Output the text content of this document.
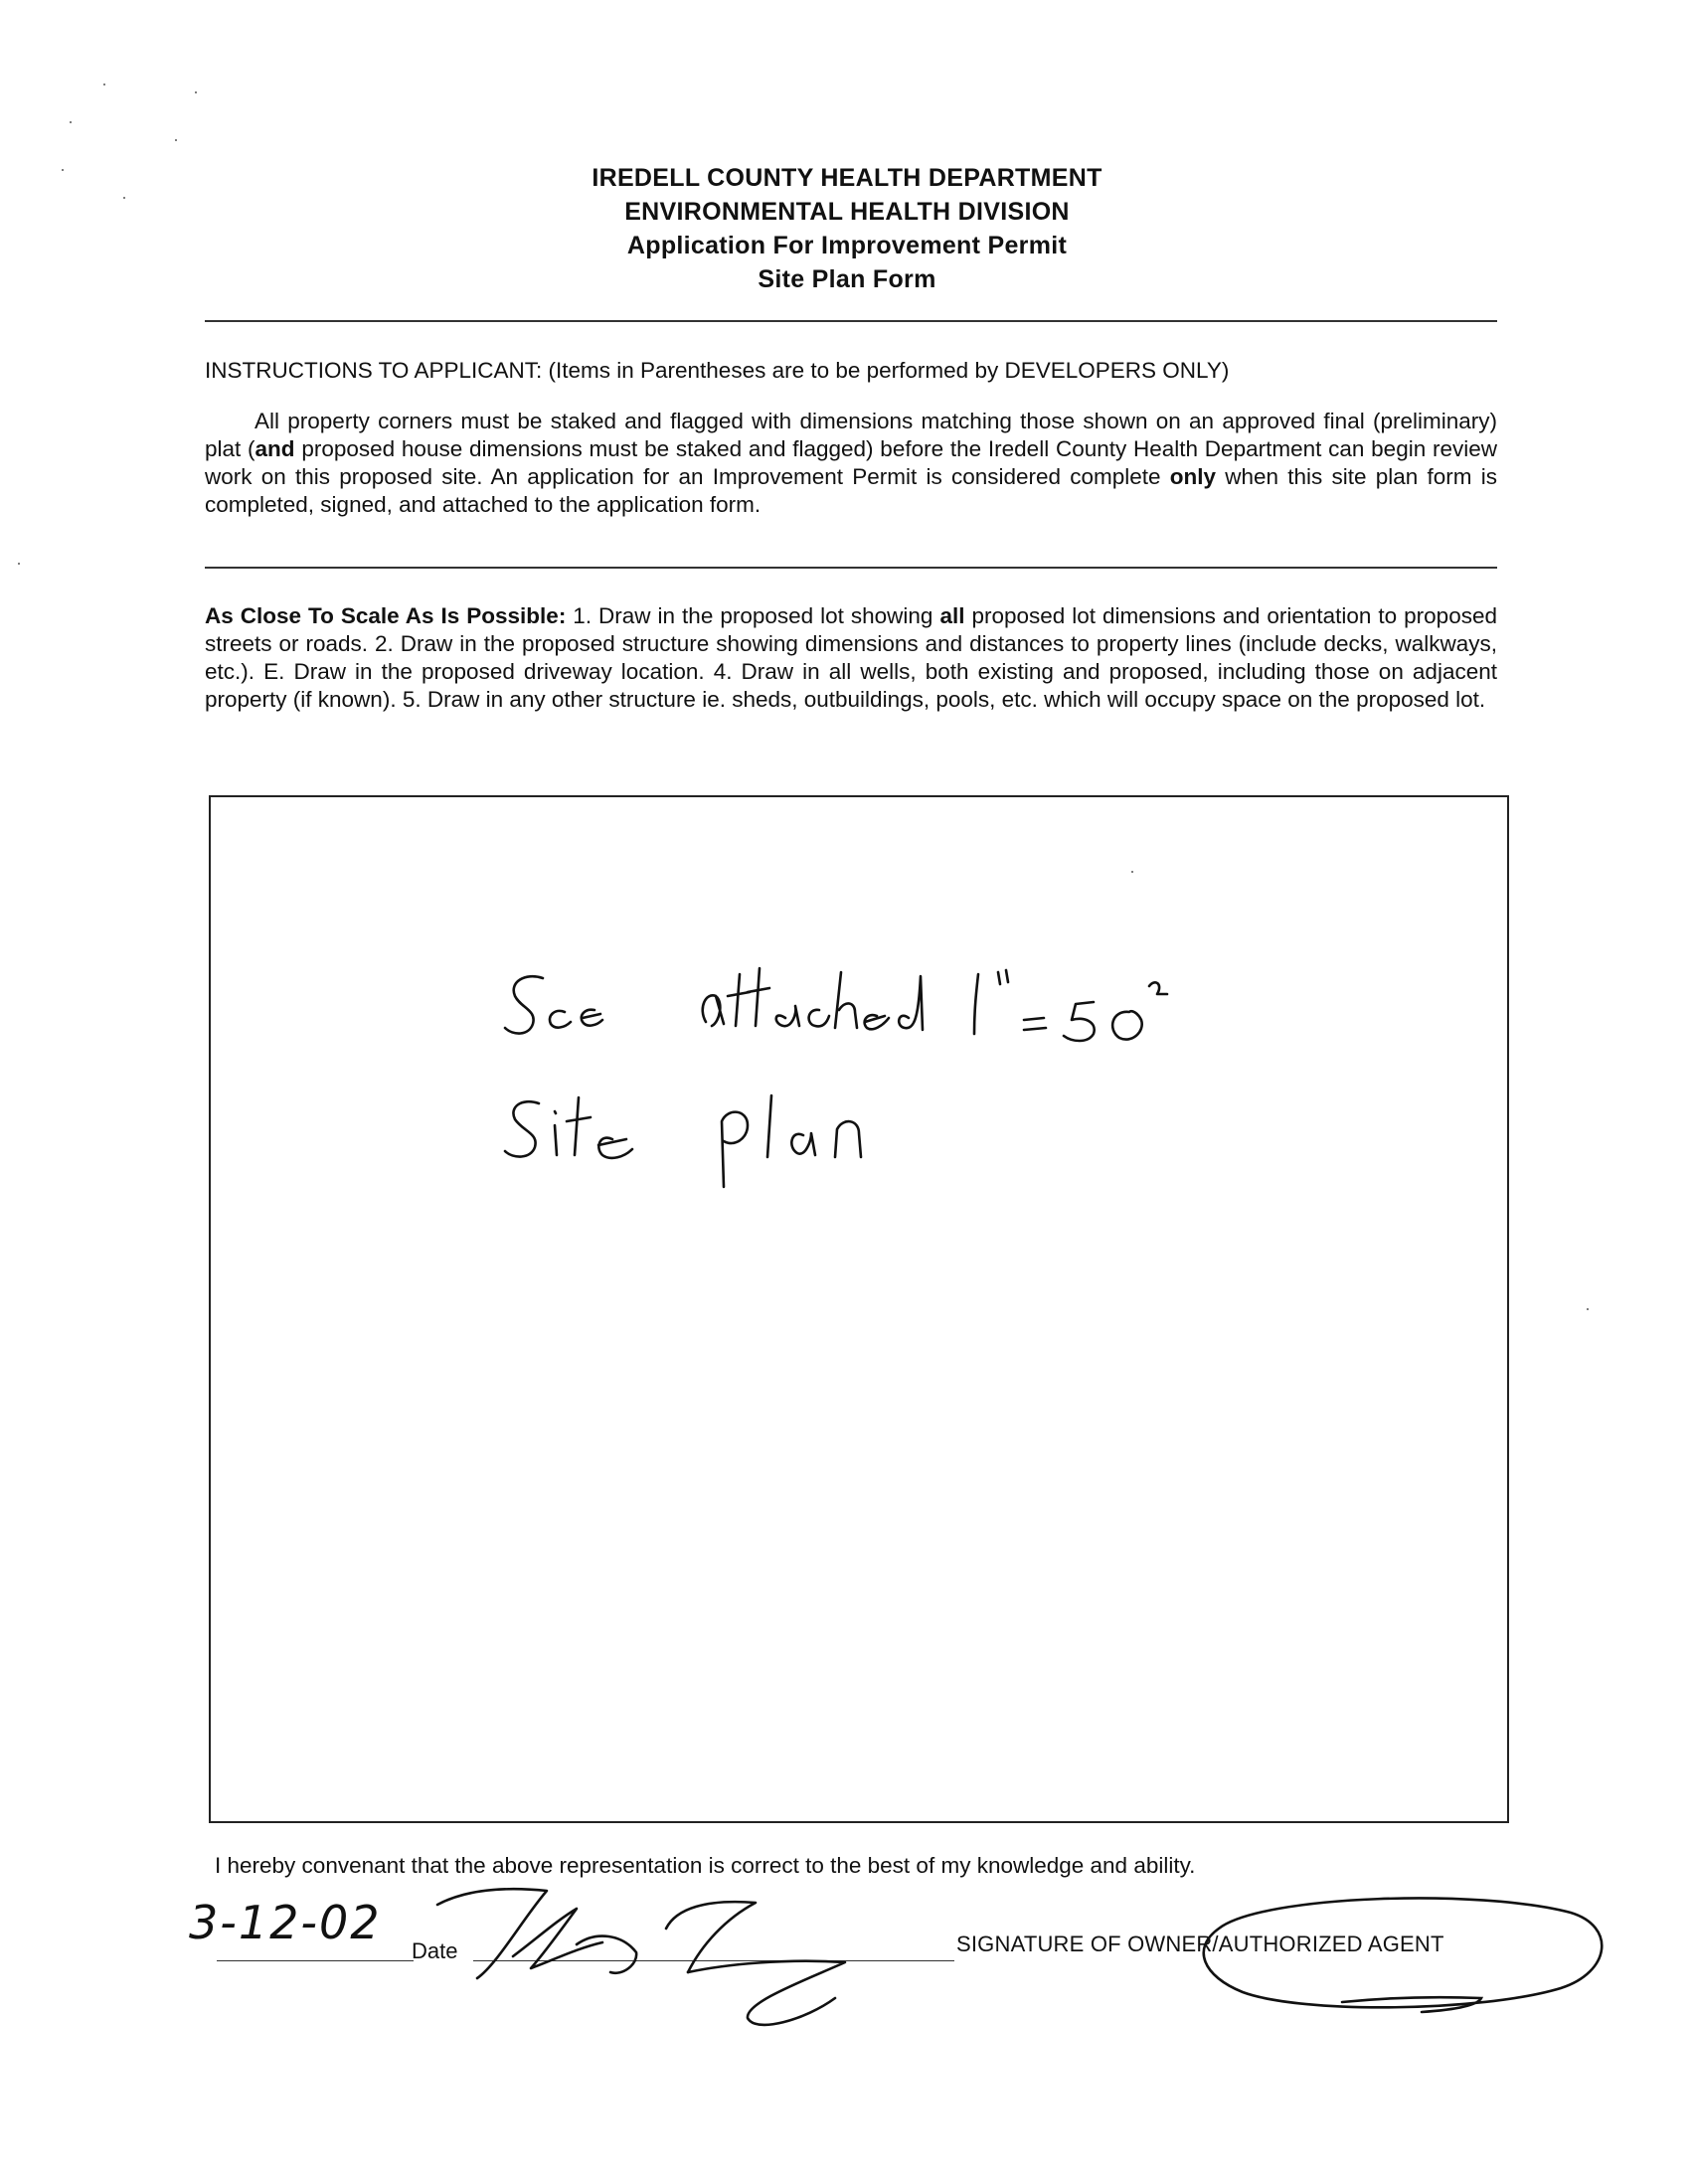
IREDELL COUNTY HEALTH DEPARTMENT
ENVIRONMENTAL HEALTH DIVISION
Application For Improvement Permit
Site Plan Form
INSTRUCTIONS TO APPLICANT: (Items in Parentheses are to be performed by DEVELOPERS ONLY)
All property corners must be staked and flagged with dimensions matching those shown on an approved final (preliminary) plat (and proposed house dimensions must be staked and flagged) before the Iredell County Health Department can begin review work on this proposed site. An application for an Improvement Permit is considered complete only when this site plan form is completed, signed, and attached to the application form.
As Close To Scale As Is Possible: 1. Draw in the proposed lot showing all proposed lot dimensions and orientation to proposed streets or roads. 2. Draw in the proposed structure showing dimensions and distances to property lines (include decks, walkways, etc.). E. Draw in the proposed driveway location. 4. Draw in all wells, both existing and proposed, including those on adjacent property (if known). 5. Draw in any other structure ie. sheds, outbuildings, pools, etc. which will occupy space on the proposed lot.
I hereby convenant that the above representation is correct to the best of my knowledge and ability.
3-12-02
Date	SIGNATURE OF OWNER/AUTHORIZED AGENT
